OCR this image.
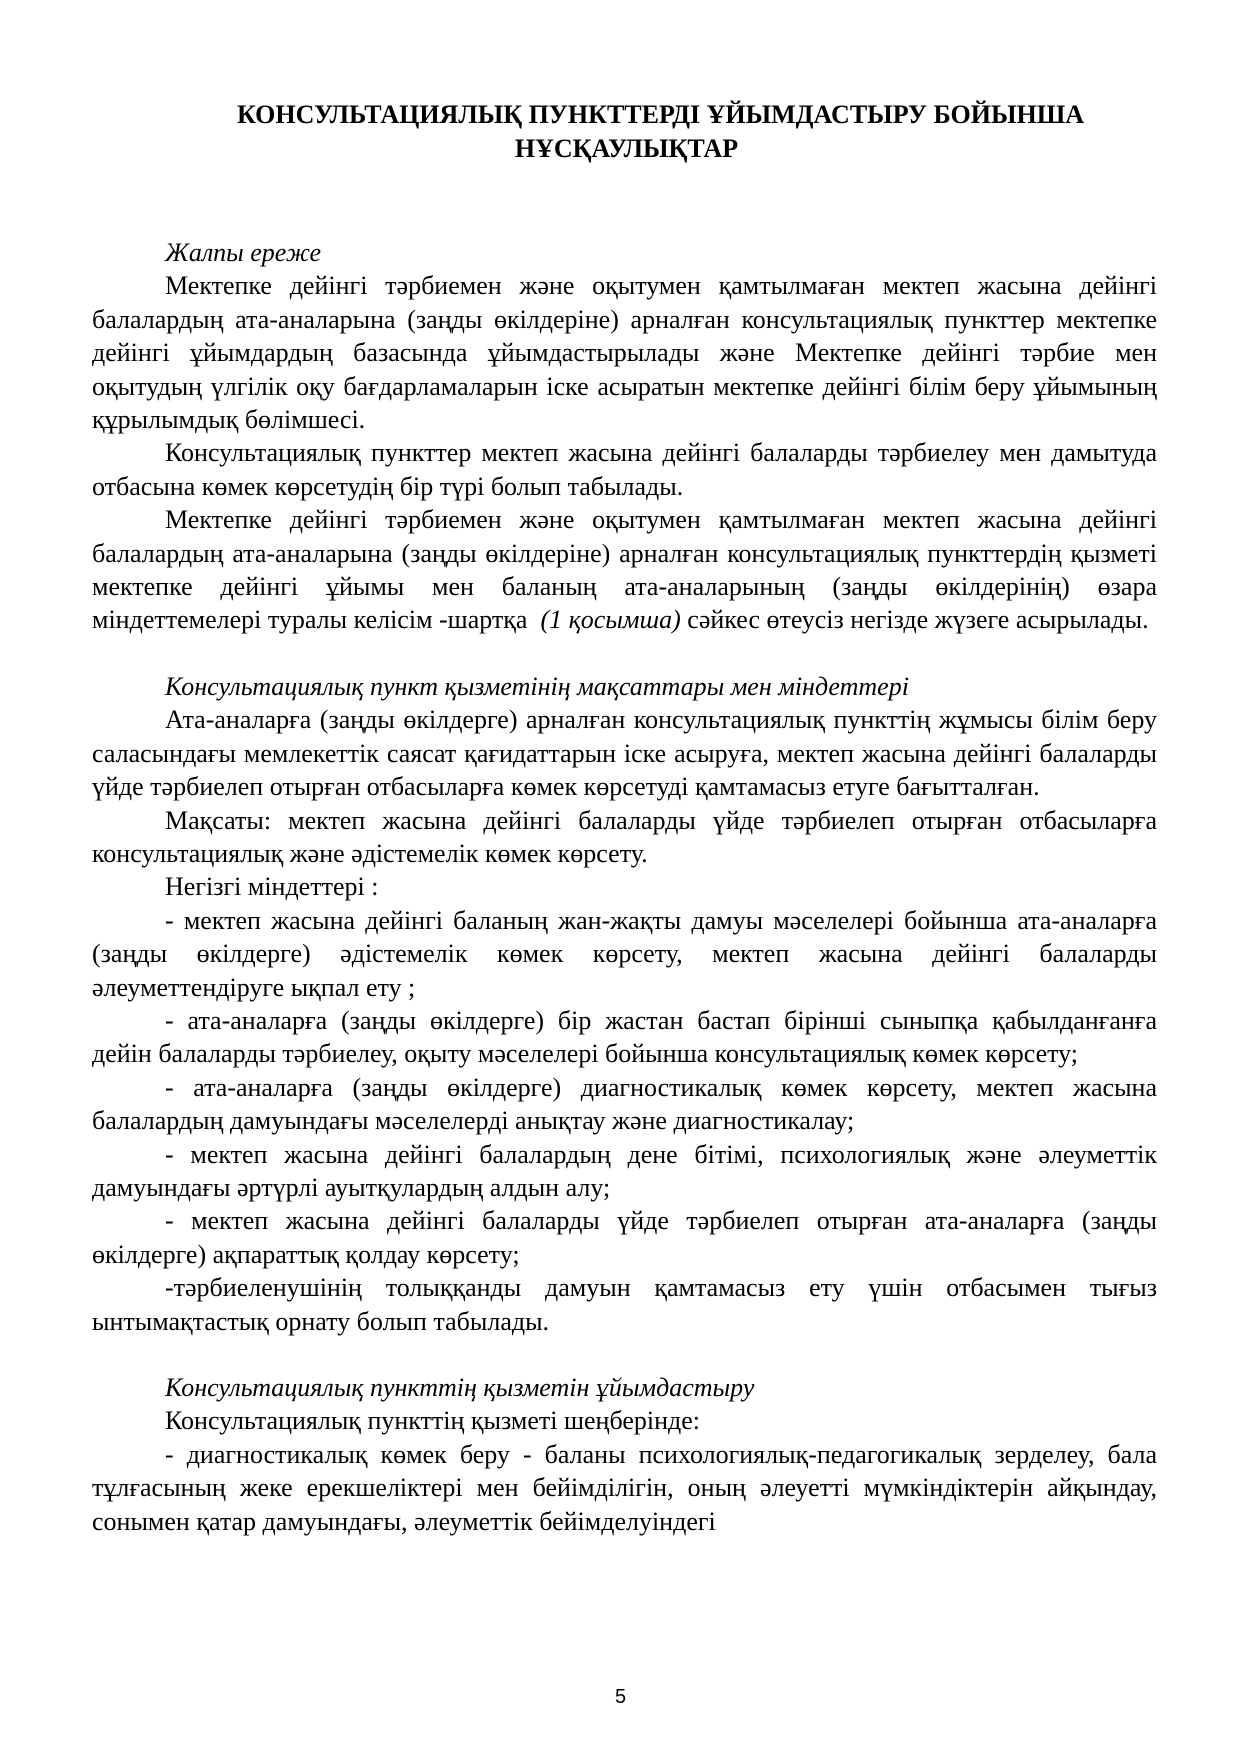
КОНСУЛЬТАЦИЯЛЫҚ ПУНКТТЕРДІ ҰЙЫМДАСТЫРУ БОЙЫНША
НҰСҚАУЛЫҚТАР

Жалпы ереже

Мектепке дейінгі тәрбиемен және оқытумен қамтылмаған мектеп жасына дейінгі балалардың ата-аналарына (заңды өкілдеріне) арналған консультациялық пункттер мектепке дейінгі ұйымдардың базасында ұйымдастырылады және Мектепке дейінгі тәрбие мен оқытудың үлгілік оқу бағдарламаларын іске асыратын мектепке дейінгі білім беру ұйымының құрылымдық бөлімшесі.

Консультациялық пункттер мектеп жасына дейінгі балаларды тәрбиелеу мен дамытуда отбасына көмек көрсетудің бір түрі болып табылады.

Мектепке дейінгі тәрбиемен және оқытумен қамтылмаған мектеп жасына дейінгі балалардың ата-аналарына (заңды өкілдеріне) арналған консультациялық пункттердің қызметі мектепке дейінгі ұйымы мен баланың ата-аналарының (заңды өкілдерінің) өзара міндеттемелері туралы келісім -шартқа (1 қосымша) сәйкес өтеусіз негізде жүзеге асырылады.

Консультациялық пункт қызметінің мақсаттары мен міндеттері

Ата-аналарға (заңды өкілдерге) арналған консультациялық пункттің жұмысы білім беру саласындағы мемлекеттік саясат қағидаттарын іске асыруға, мектеп жасына дейінгі балаларды үйде тәрбиелеп отырған отбасыларға көмек көрсетуді қамтамасыз етуге бағытталған.

Мақсаты: мектеп жасына дейінгі балаларды үйде тәрбиелеп отырған отбасыларға консультациялық және әдістемелік көмек көрсету.

Негізгі міндеттері :

- мектеп жасына дейінгі баланың жан-жақты дамуы мәселелері бойынша ата-аналарға (заңды өкілдерге) әдістемелік көмек көрсету, мектеп жасына дейінгі балаларды әлеуметтендіруге ықпал ету ;

- ата-аналарға (заңды өкілдерге) бір жастан бастап бірінші сыныпқа қабылданғанға дейін балаларды тәрбиелеу, оқыту мәселелері бойынша консультациялық көмек көрсету;

- ата-аналарға (заңды өкілдерге) диагностикалық көмек көрсету, мектеп жасына балалардың дамуындағы мәселелерді анықтау және диагностикалау;

- мектеп жасына дейінгі балалардың дене бітімі, психологиялық және әлеуметтік дамуындағы әртүрлі ауытқулардың алдын алу;

- мектеп жасына дейінгі балаларды үйде тәрбиелеп отырған ата-аналарға (заңды өкілдерге) ақпараттық қолдау көрсету;

-тәрбиеленушінің толыққанды дамуын қамтамасыз ету үшін отбасымен тығыз ынтымақтастық орнату болып табылады.

Консультациялық пункттің қызметін ұйымдастыру

Консультациялық пункттің қызметі шеңберінде:

- диагностикалық көмек беру - баланы психологиялық-педагогикалық зерделеу, бала тұлғасының жеке ерекшеліктері мен бейімділігін, оның әлеуетті мүмкіндіктерін айқындау, сонымен қатар дамуындағы, әлеуметтік бейімделуіндегі

5
